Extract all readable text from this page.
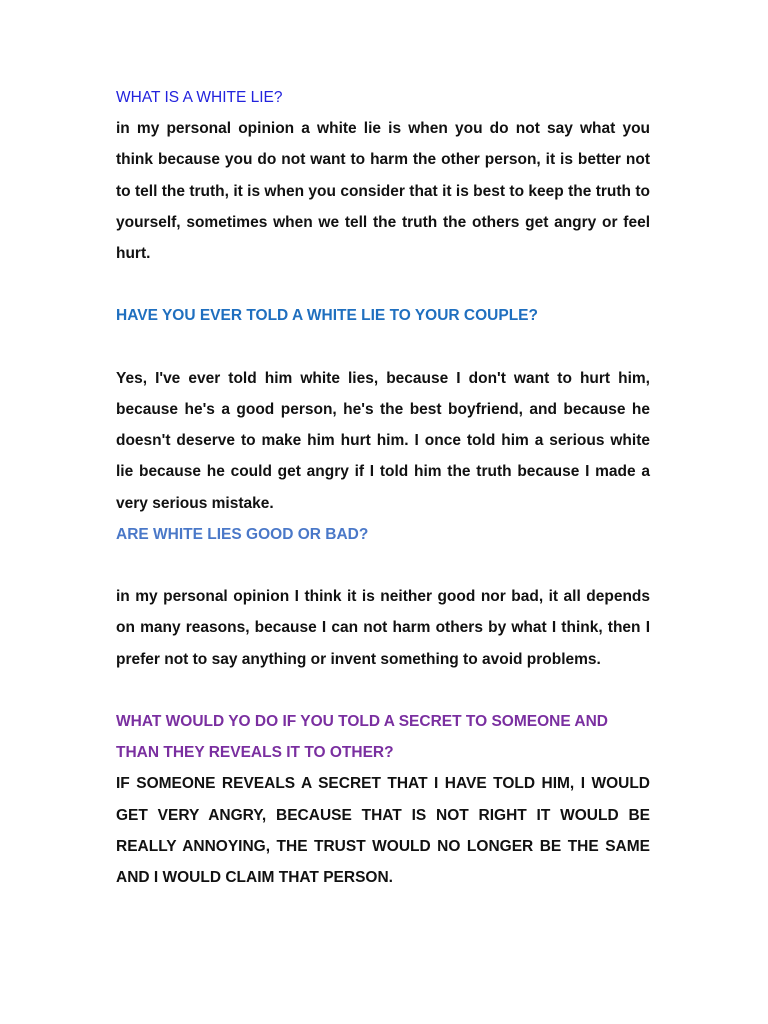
WHAT IS A WHITE LIE?

in my personal opinion a white lie is when you do not say what you think because you do not want to harm the other person, it is better not to tell the truth, it is when you consider that it is best to keep the truth to yourself, sometimes when we tell the truth the others get angry or feel hurt.

HAVE YOU EVER TOLD A WHITE LIE TO YOUR COUPLE?

Yes, I've ever told him white lies, because I don't want to hurt him, because he's a good person, he's the best boyfriend, and because he doesn't deserve to make him hurt him. I once told him a serious white lie because he could get angry if I told him the truth because I made a very serious mistake.

ARE WHITE LIES GOOD OR BAD?

in my personal opinion I think it is neither good nor bad, it all depends on many reasons, because I can not harm others by what I think, then I prefer not to say anything or invent something to avoid problems.

WHAT WOULD YO DO IF YOU TOLD A SECRET TO SOMEONE AND THAN THEY REVEALS IT TO OTHER?

IF SOMEONE REVEALS A SECRET THAT I HAVE TOLD HIM, I WOULD GET VERY ANGRY, BECAUSE THAT IS NOT RIGHT IT WOULD BE REALLY ANNOYING, THE TRUST WOULD NO LONGER BE THE SAME AND I WOULD CLAIM THAT PERSON.
